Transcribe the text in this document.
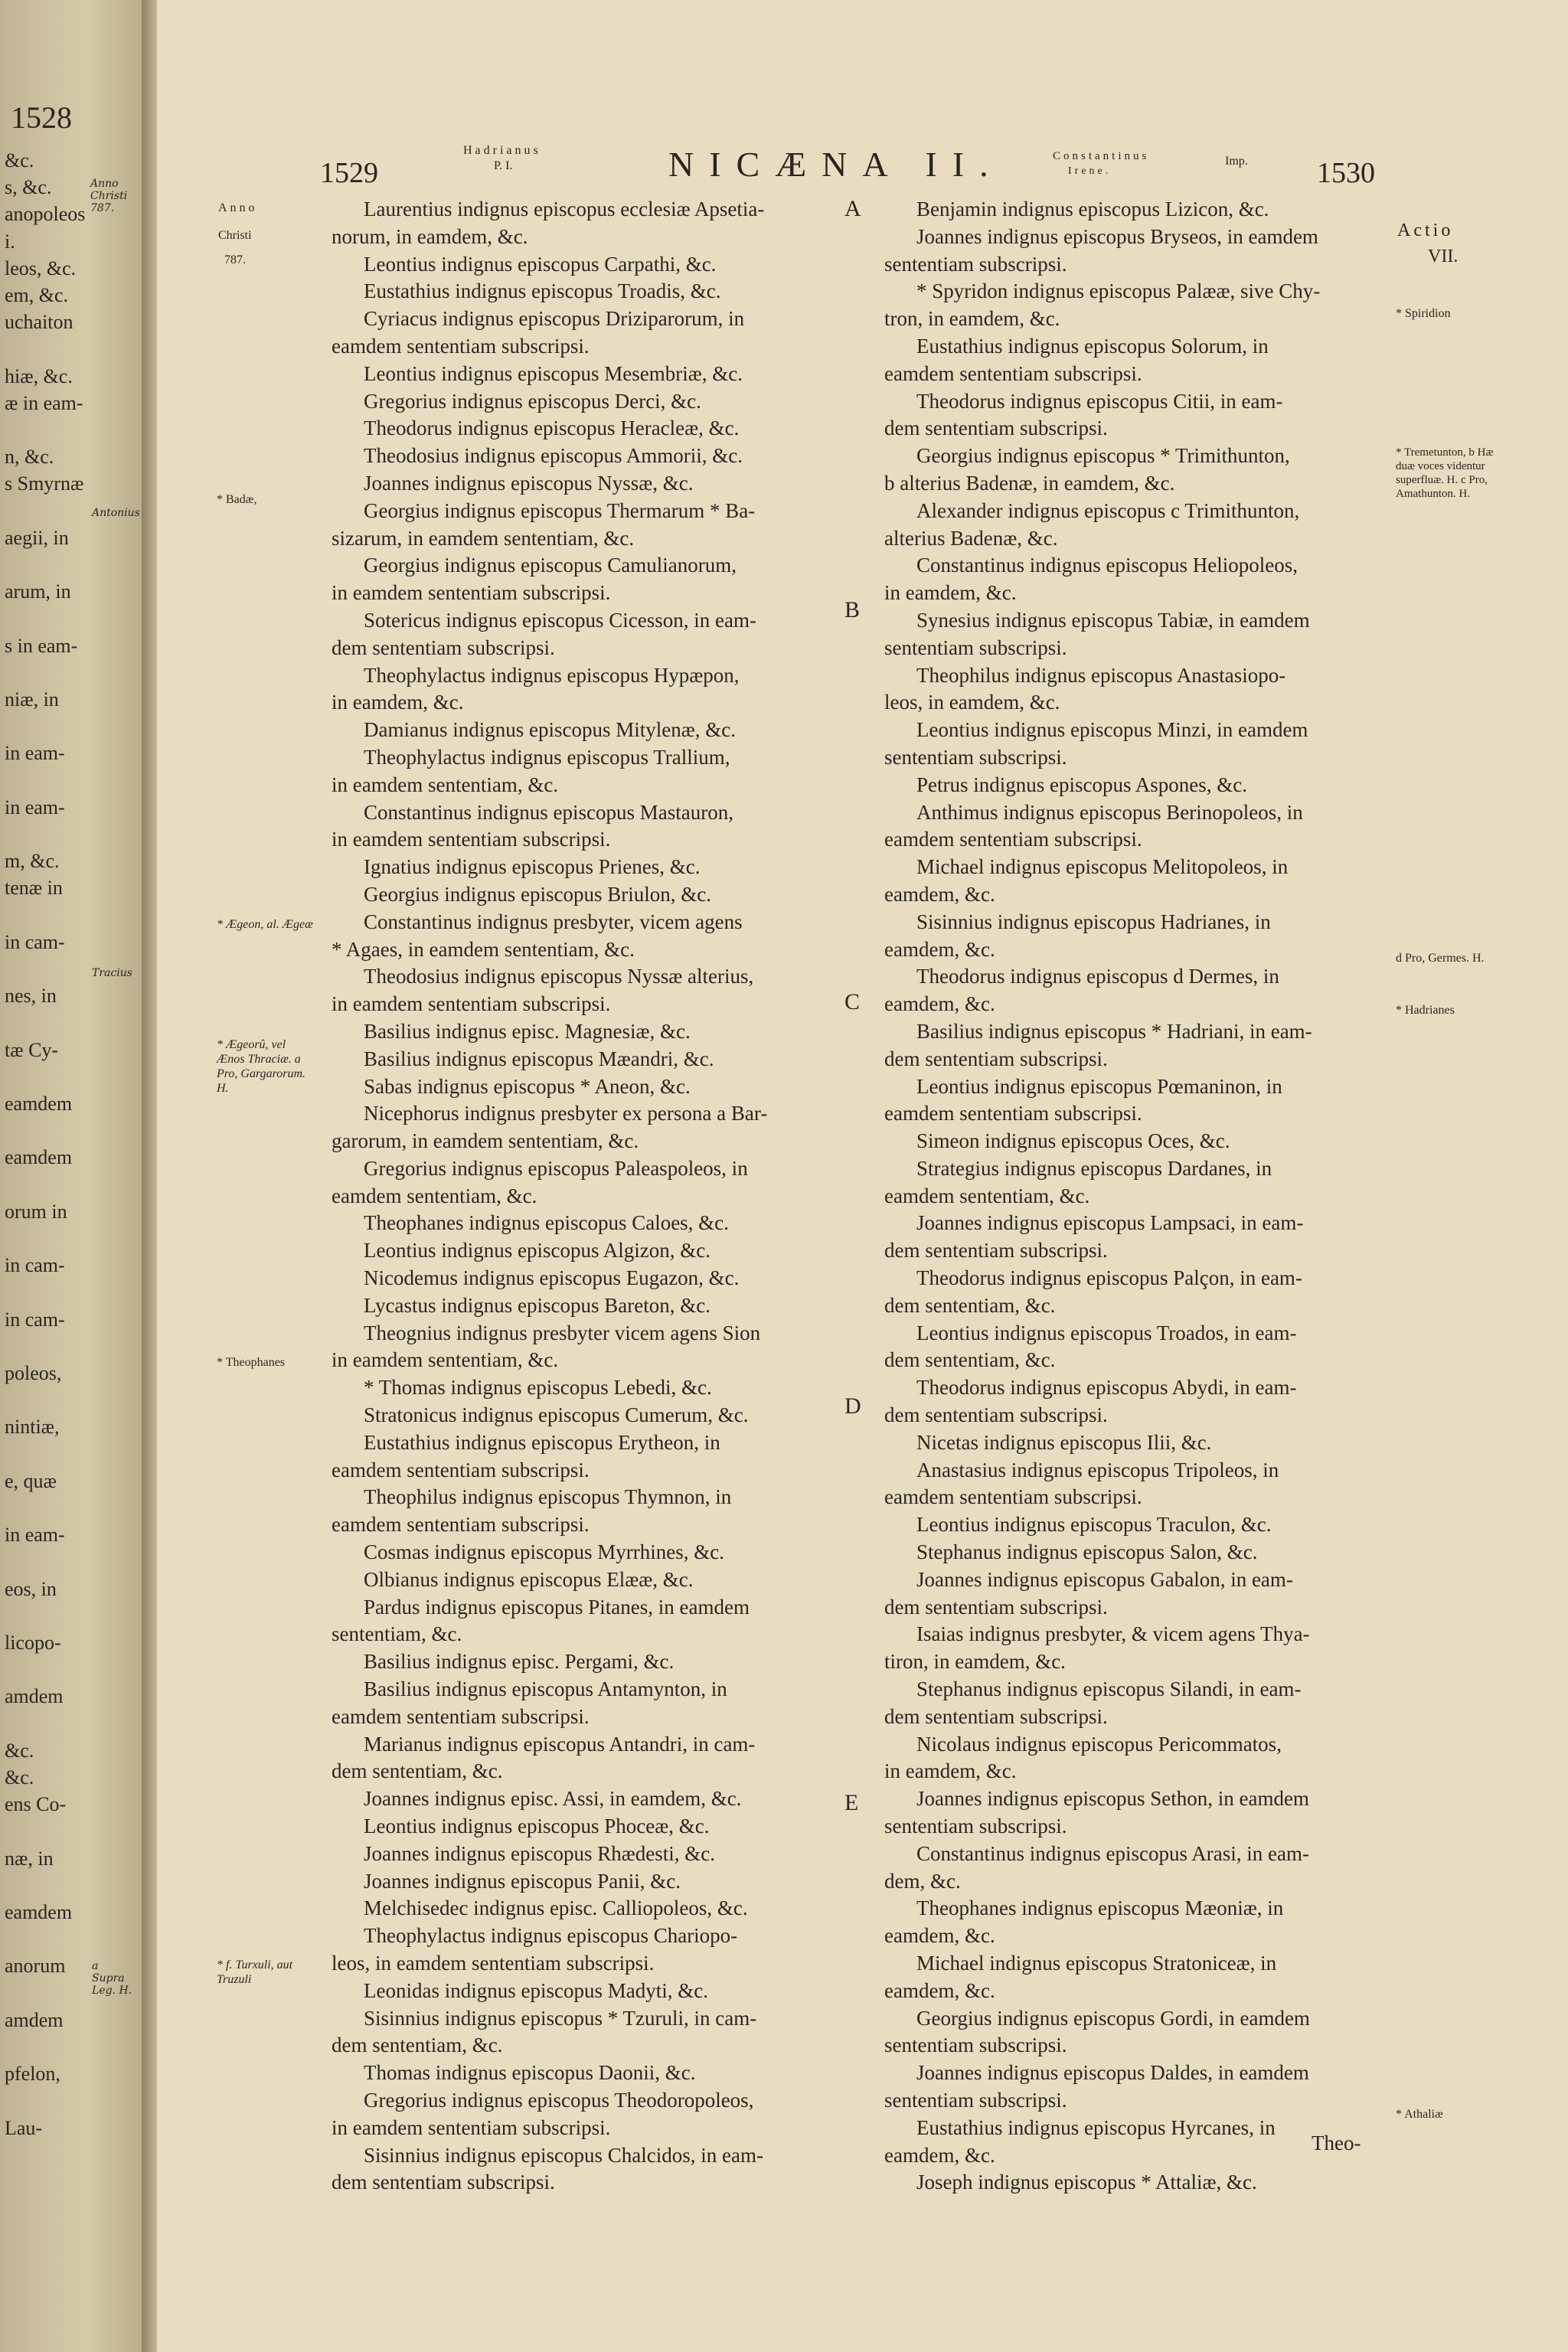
1528
&c.
s, &c.
anopoleos
i.
leos, &c.
em, &c.
uchaiton
hiæ, &c.
æ in eam-
n, &c.
s Smyrnæ
aegii, in
arum, in
s in eam-
niæ, in
in eam-
in eam-
m, &c.
tenæ in
in cam-
nes, in
tæ Cy-
eamdem
eamdem
orum in
in cam-
in cam-
poleos,
nintiæ,
e, quæ
in eam-
eos, in
licopo-
amdem
&c.
&c.
ens Co-
næ, in
eamdem
anorum
amdem
pfelon,
Lau-
Anno Christi 787.
Antonius
Tracius
a Supra Leg. H.
1529
Hadrianus
P. I.	NICÆNA II.	Constantinus
Irene.
Imp. 1530
Anno
Christi
787.
* Badæ,
* Ægeon, al. Ægeæ
* Ægeorû, vel Ænos Thraciæ. a Pro, Gargarorum. H.
* Theophanes
* f. Turxuli, aut Truzuli
A
B
C
D
E
Laurentius indignus episcopus ecclesiæ Apsetia-
norum, in eamdem, &c.
Leontius indignus episcopus Carpathi, &c.
Eustathius indignus episcopus Troadis, &c.
Cyriacus indignus episcopus Driziparorum, in
eamdem sententiam subscripsi.
Leontius indignus episcopus Mesembriæ, &c.
Gregorius indignus episcopus Derci, &c.
Theodorus indignus episcopus Heracleæ, &c.
Theodosius indignus episcopus Ammorii, &c.
Joannes indignus episcopus Nyssæ, &c.
Georgius indignus episcopus Thermarum * Ba-
sizarum, in eamdem sententiam, &c.
Georgius indignus episcopus Camulianorum,
in eamdem sententiam subscripsi.
Sotericus indignus episcopus Cicesson, in eam-
dem sententiam subscripsi.
Theophylactus indignus episcopus Hypæpon,
in eamdem, &c.
Damianus indignus episcopus Mitylenæ, &c.
Theophylactus indignus episcopus Trallium,
in eamdem sententiam, &c.
Constantinus indignus episcopus Mastauron,
in eamdem sententiam subscripsi.
Ignatius indignus episcopus Prienes, &c.
Georgius indignus episcopus Briulon, &c.
Constantinus indignus presbyter, vicem agens
* Agaes, in eamdem sententiam, &c.
Theodosius indignus episcopus Nyssæ alterius,
in eamdem sententiam subscripsi.
Basilius indignus episc. Magnesiæ, &c.
Basilius indignus episcopus Mæandri, &c.
Sabas indignus episcopus * Aneon, &c.
Nicephorus indignus presbyter ex persona a Bar-
garorum, in eamdem sententiam, &c.
Gregorius indignus episcopus Paleaspoleos, in
eamdem sententiam, &c.
Theophanes indignus episcopus Caloes, &c.
Leontius indignus episcopus Algizon, &c.
Nicodemus indignus episcopus Eugazon, &c.
Lycastus indignus episcopus Bareton, &c.
Theognius indignus presbyter vicem agens Sion
in eamdem sententiam, &c.
* Thomas indignus episcopus Lebedi, &c.
Stratonicus indignus episcopus Cumerum, &c.
Eustathius indignus episcopus Erytheon, in
eamdem sententiam subscripsi.
Theophilus indignus episcopus Thymnon, in
eamdem sententiam subscripsi.
Cosmas indignus episcopus Myrrhines, &c.
Olbianus indignus episcopus Elææ, &c.
Pardus indignus episcopus Pitanes, in eamdem
sententiam, &c.
Basilius indignus episc. Pergami, &c.
Basilius indignus episcopus Antamynton, in
eamdem sententiam subscripsi.
Marianus indignus episcopus Antandri, in cam-
dem sententiam, &c.
Joannes indignus episc. Assi, in eamdem, &c.
Leontius indignus episcopus Phoceæ, &c.
Joannes indignus episcopus Rhædesti, &c.
Joannes indignus episcopus Panii, &c.
Melchisedec indignus episc. Calliopoleos, &c.
Theophylactus indignus episcopus Chariopo-
leos, in eamdem sententiam subscripsi.
Leonidas indignus episcopus Madyti, &c.
Sisinnius indignus episcopus * Tzuruli, in cam-
dem sententiam, &c.
Thomas indignus episcopus Daonii, &c.
Gregorius indignus episcopus Theodoropoleos,
in eamdem sententiam subscripsi.
Sisinnius indignus episcopus Chalcidos, in eam-
dem sententiam subscripsi.
Benjamin indignus episcopus Lizicon, &c.
Joannes indignus episcopus Bryseos, in eamdem
sententiam subscripsi.
* Spyridon indignus episcopus Palææ, sive Chy-
tron, in eamdem, &c.
Eustathius indignus episcopus Solorum, in
eamdem sententiam subscripsi.
Theodorus indignus episcopus Citii, in eam-
dem sententiam subscripsi.
Georgius indignus episcopus * Trimithunton,
b alterius Badenæ, in eamdem, &c.
Alexander indignus episcopus c Trimithunton,
alterius Badenæ, &c.
Constantinus indignus episcopus Heliopoleos,
in eamdem, &c.
Synesius indignus episcopus Tabiæ, in eamdem
sententiam subscripsi.
Theophilus indignus episcopus Anastasiopo-
leos, in eamdem, &c.
Leontius indignus episcopus Minzi, in eamdem
sententiam subscripsi.
Petrus indignus episcopus Aspones, &c.
Anthimus indignus episcopus Berinopoleos, in
eamdem sententiam subscripsi.
Michael indignus episcopus Melitopoleos, in
eamdem, &c.
Sisinnius indignus episcopus Hadrianes, in
eamdem, &c.
Theodorus indignus episcopus d Dermes, in
eamdem, &c.
Basilius indignus episcopus * Hadriani, in eam-
dem sententiam subscripsi.
Leontius indignus episcopus Pœmaninon, in
eamdem sententiam subscripsi.
Simeon indignus episcopus Oces, &c.
Strategius indignus episcopus Dardanes, in
eamdem sententiam, &c.
Joannes indignus episcopus Lampsaci, in eam-
dem sententiam subscripsi.
Theodorus indignus episcopus Palçon, in eam-
dem sententiam, &c.
Leontius indignus episcopus Troados, in eam-
dem sententiam, &c.
Theodorus indignus episcopus Abydi, in eam-
dem sententiam subscripsi.
Nicetas indignus episcopus Ilii, &c.
Anastasius indignus episcopus Tripoleos, in
eamdem sententiam subscripsi.
Leontius indignus episcopus Traculon, &c.
Stephanus indignus episcopus Salon, &c.
Joannes indignus episcopus Gabalon, in eam-
dem sententiam subscripsi.
Isaias indignus presbyter, & vicem agens Thya-
tiron, in eamdem, &c.
Stephanus indignus episcopus Silandi, in eam-
dem sententiam subscripsi.
Nicolaus indignus episcopus Pericommatos,
in eamdem, &c.
Joannes indignus episcopus Sethon, in eamdem
sententiam subscripsi.
Constantinus indignus episcopus Arasi, in eam-
dem, &c.
Theophanes indignus episcopus Mæoniæ, in
eamdem, &c.
Michael indignus episcopus Stratoniceæ, in
eamdem, &c.
Georgius indignus episcopus Gordi, in eamdem
sententiam subscripsi.
Joannes indignus episcopus Daldes, in eamdem
sententiam subscripsi.
Eustathius indignus episcopus Hyrcanes, in
eamdem, &c.
Joseph indignus episcopus * Attaliæ, &c.
Actio
VII.
* Spiridion
* Tremetunton, b Hæ duæ voces videntur superfluæ. H. c Pro, Amathunton. H.
d Pro, Germes. H.
* Hadrianes
* Athaliæ
Theo-
